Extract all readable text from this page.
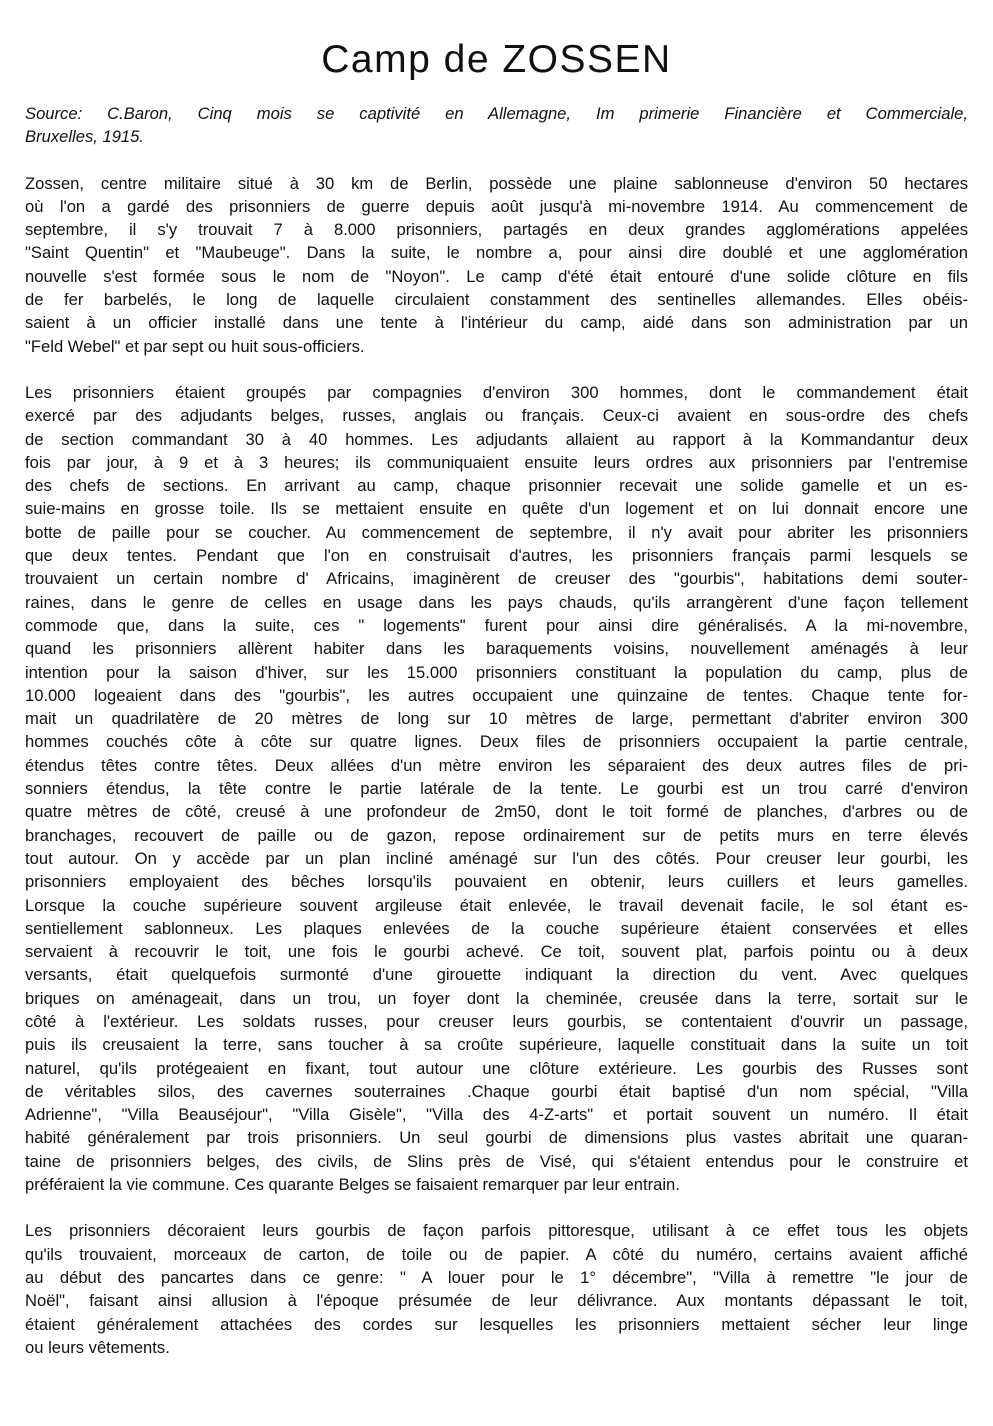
Camp de ZOSSEN
Source: C.Baron, Cinq mois se captivité en Allemagne, Im primerie Financière et Commerciale,
Bruxelles, 1915.
Zossen, centre militaire situé à 30 km de Berlin, possède une plaine sablonneuse d'environ 50 hectares
où l'on a gardé des prisonniers de guerre depuis août jusqu'à mi-novembre 1914. Au commencement de
septembre, il s'y trouvait 7 à 8.000 prisonniers, partagés en deux grandes agglomérations appelées
"Saint Quentin" et "Maubeuge". Dans la suite, le nombre a, pour ainsi dire doublé et une agglomération
nouvelle s'est formée sous le nom de "Noyon". Le camp d'été était entouré d'une solide clôture en fils
de fer barbelés, le long de laquelle circulaient constamment des sentinelles allemandes. Elles obéis-
saient à un officier installé dans une tente à l'intérieur du camp, aidé dans son administration par un
"Feld Webel" et par sept ou huit sous-officiers.
Les prisonniers étaient groupés par compagnies d'environ 300 hommes, dont le commandement était
exercé par des adjudants belges, russes, anglais ou français. Ceux-ci avaient en sous-ordre des chefs
de section commandant 30 à 40 hommes. Les adjudants allaient au rapport à la Kommandantur deux
fois par jour, à 9 et à 3 heures; ils communiquaient ensuite leurs ordres aux prisonniers par l'entremise
des chefs de sections. En arrivant au camp, chaque prisonnier recevait une solide gamelle et un es-
suie-mains en grosse toile. Ils se mettaient ensuite en quête d'un logement et on lui donnait encore une
botte de paille pour se coucher. Au commencement de septembre, il n'y avait pour abriter les prisonniers
que deux tentes. Pendant que l'on en construisait d'autres, les prisonniers français parmi lesquels se
trouvaient un certain nombre d' Africains, imaginèrent de creuser des "gourbis", habitations demi souter-
raines, dans le genre de celles en usage dans les pays chauds, qu'ils arrangèrent d'une façon tellement
commode que, dans la suite, ces " logements" furent pour ainsi dire généralisés. A la mi-novembre,
quand les prisonniers allèrent habiter dans les baraquements voisins, nouvellement aménagés à leur
intention pour la saison d'hiver, sur les 15.000 prisonniers constituant la population du camp, plus de
10.000 logeaient dans des "gourbis", les autres occupaient une quinzaine de tentes. Chaque tente for-
mait un quadrilatère de 20 mètres de long sur 10 mètres de large, permettant d'abriter environ 300
hommes couchés côte à côte sur quatre lignes. Deux files de prisonniers occupaient la partie centrale,
étendus têtes contre têtes. Deux allées d'un mètre environ les séparaient des deux autres files de pri-
sonniers étendus, la tête contre le partie latérale de la tente. Le gourbi est un trou carré d'environ
quatre mètres de côté, creusé à une profondeur de 2m50, dont le toit formé de planches, d'arbres ou de
branchages, recouvert de paille ou de gazon, repose ordinairement sur de petits murs en terre élevés
tout autour. On y accède par un plan incliné aménagé sur l'un des côtés. Pour creuser leur gourbi, les
prisonniers employaient des bêches lorsqu'ils pouvaient en obtenir, leurs cuillers et leurs gamelles.
Lorsque la couche supérieure souvent argileuse était enlevée, le travail devenait facile, le sol étant es-
sentiellement sablonneux. Les plaques enlevées de la couche supérieure étaient conservées et elles
servaient à recouvrir le toit, une fois le gourbi achevé. Ce toit, souvent plat, parfois pointu ou à deux
versants, était quelquefois surmonté d'une girouette indiquant la direction du vent. Avec quelques
briques on aménageait, dans un trou, un foyer dont la cheminée, creusée dans la terre, sortait sur le
côté à l'extérieur. Les soldats russes, pour creuser leurs gourbis, se contentaient d'ouvrir un passage,
puis ils creusaient la terre, sans toucher à sa croûte supérieure, laquelle constituait dans la suite un toit
naturel, qu'ils protégeaient en fixant, tout autour une clôture extérieure. Les gourbis des Russes sont
de véritables silos, des cavernes souterraines .Chaque gourbi était baptisé d'un nom spécial, "Villa
Adrienne", "Villa Beauséjour", "Villa Gisèle", "Villa des 4-Z-arts" et portait souvent un numéro. Il était
habité généralement par trois prisonniers. Un seul gourbi de dimensions plus vastes abritait une quaran-
taine de prisonniers belges, des civils, de Slins près de Visé, qui s'étaient entendus pour le construire et
préféraient la vie commune. Ces quarante Belges se faisaient remarquer par leur entrain.
Les prisonniers décoraient leurs gourbis de façon parfois pittoresque, utilisant à ce effet tous les objets
qu'ils trouvaient, morceaux de carton, de toile ou de papier. A côté du numéro, certains avaient affiché
au début des pancartes dans ce genre: " A louer pour le 1° décembre", "Villa à remettre "le jour de
Noël", faisant ainsi allusion à l'époque présumée de leur délivrance. Aux montants dépassant le toit,
étaient généralement attachées des cordes sur lesquelles les prisonniers mettaient sécher leur linge
ou leurs vêtements.
